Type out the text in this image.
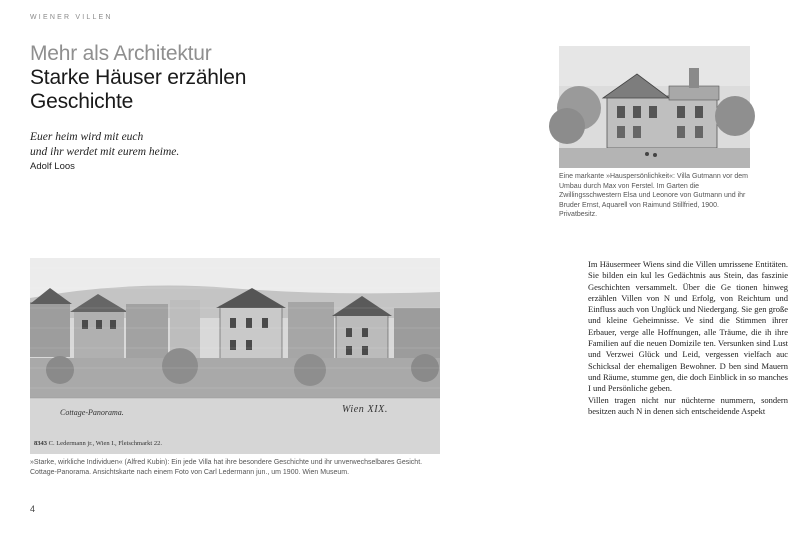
WIENER VILLEN
Mehr als Architektur
Starke Häuser erzählen
Geschichte
Euer heim wird mit euch
und ihr werdet mit eurem heime.
Adolf Loos
Eine markante »Hauspersönlichkeit«: Villa Gutmann vor dem Umbau durch Max von Ferstel. Im Garten die Zwillingsschwestern Elsa und Leonore von Gutmann und ihr Bruder Ernst, Aquarell von Raimund Stillfried, 1900. Privatbesitz.
Cottage-Panorama.	Wien XIX.
8343 C. Ledermann jr., Wien I., Fleischmarkt 22.
»Starke, wirkliche Individuen« (Alfred Kubin): Ein jede Villa hat ihre besondere Geschichte und ihr unverwechselbares Gesicht. Cottage-Panorama. Ansichtskarte nach einem Foto von Carl Ledermann jun., um 1900. Wien Museum.
4
Im Häusermeer Wiens sind die Villen umrissene Entitäten. Sie bilden ein kul les Gedächtnis aus Stein, das faszinie Geschichten versammelt. Über die Ge tionen hinweg erzählen Villen von N und Erfolg, von Reichtum und Einfluss auch von Unglück und Niedergang. Sie gen große und kleine Geheimnisse. Ve sind die Stimmen ihrer Erbauer, verge alle Hoffnungen, alle Träume, die ih ihre Familien auf die neuen Domizile ten. Versunken sind Lust und Verzwei Glück und Leid, vergessen vielfach auc Schicksal der ehemaligen Bewohner. D ben sind Mauern und Räume, stumme gen, die doch Einblick in so manches I und Persönliche geben.
Villen tragen nicht nur nüchterne nummern, sondern besitzen auch N in denen sich entscheidende Aspekt
